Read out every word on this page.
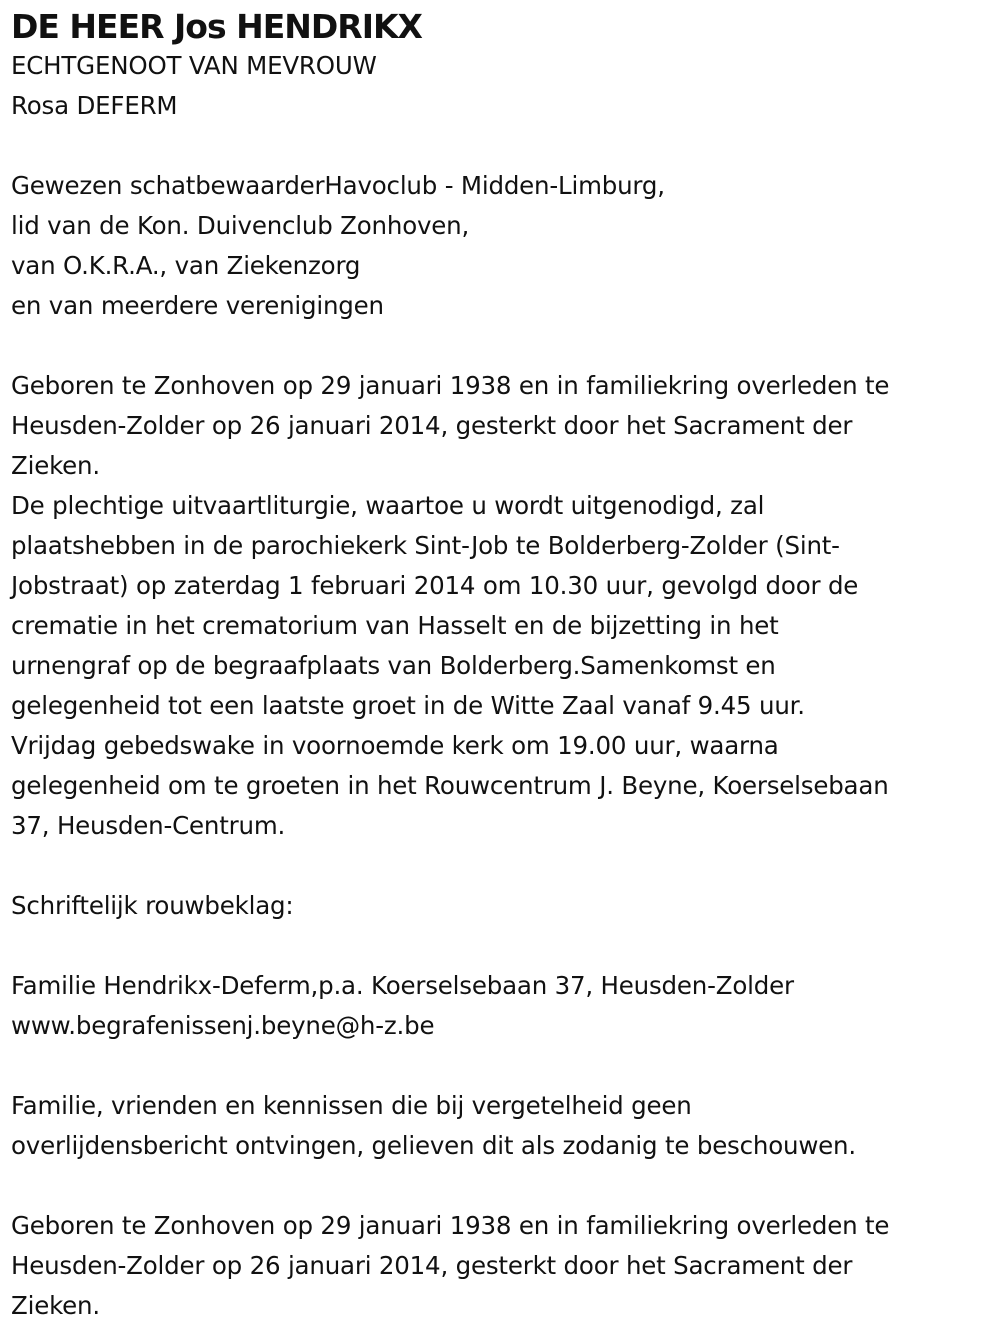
DE HEER Jos HENDRIKX
ECHTGENOOT VAN MEVROUW
Rosa DEFERM
Gewezen schatbewaarderHavoclub - Midden-Limburg,
lid van de Kon. Duivenclub Zonhoven,
van O.K.R.A., van Ziekenzorg
en van meerdere verenigingen
Geboren te Zonhoven op 29 januari 1938 en in familiekring overleden te
Heusden-Zolder op 26 januari 2014, gesterkt door het Sacrament der
Zieken.
De plechtige uitvaartliturgie, waartoe u wordt uitgenodigd, zal
plaatshebben in de parochiekerk Sint-Job te Bolderberg-Zolder (Sint-
Jobstraat) op zaterdag 1 februari 2014 om 10.30 uur, gevolgd door de
crematie in het crematorium van Hasselt en de bijzetting in het
urnengraf op de begraafplaats van Bolderberg.Samenkomst en
gelegenheid tot een laatste groet in de Witte Zaal vanaf 9.45 uur.
Vrijdag gebedswake in voornoemde kerk om 19.00 uur, waarna
gelegenheid om te groeten in het Rouwcentrum J. Beyne, Koerselsebaan
37, Heusden-Centrum.
Schriftelijk rouwbeklag:
Familie Hendrikx-Deferm,p.a. Koerselsebaan 37, Heusden-Zolder
www.begrafenissenj.beyne@h-z.be
Familie, vrienden en kennissen die bij vergetelheid geen
overlijdensbericht ontvingen, gelieven dit als zodanig te beschouwen.
Geboren te Zonhoven op 29 januari 1938 en in familiekring overleden te
Heusden-Zolder op 26 januari 2014, gesterkt door het Sacrament der
Zieken.
